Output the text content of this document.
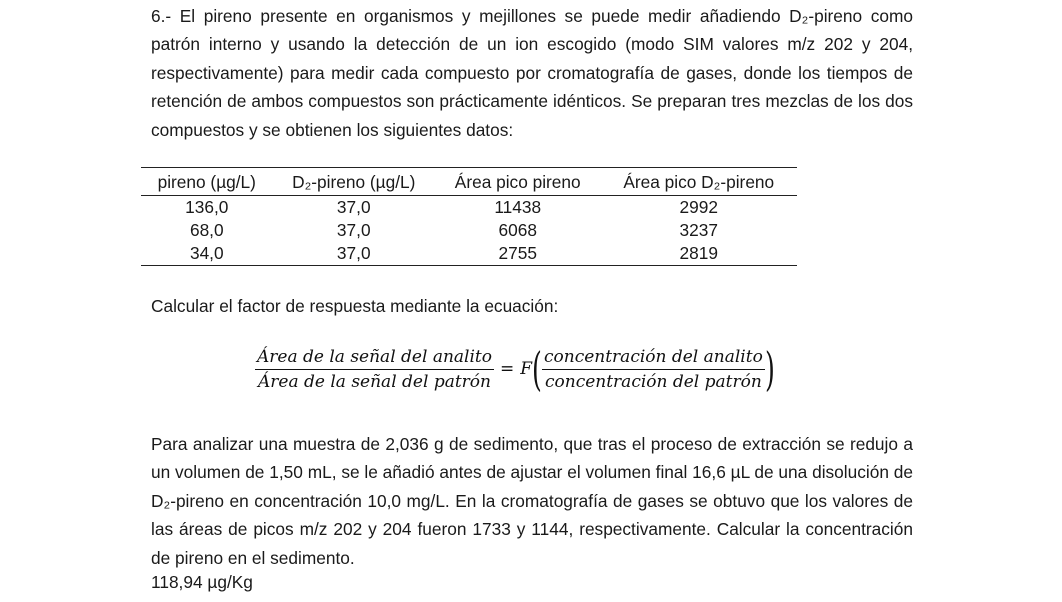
6.- El pireno presente en organismos y mejillones se puede medir añadiendo D₂-pireno como patrón interno y usando la detección de un ion escogido (modo SIM valores m/z 202 y 204, respectivamente) para medir cada compuesto por cromatografía de gases, donde los tiempos de retención de ambos compuestos son prácticamente idénticos. Se preparan tres mezclas de los dos compuestos y se obtienen los siguientes datos:

pireno (µg/L)	D₂-pireno (µg/L)	Área pico pireno	Área pico D₂-pireno
136,0	37,0	11438	2992
68,0	37,0	6068	3237
34,0	37,0	2755	2819

Calcular el factor de respuesta mediante la ecuación:

$\frac{\text{Área de la señal del analito}}{\text{Área de la señal del patrón}} = F$ ( $\frac{\text{concentración del analito}}{\text{concentración del patrón}}$ )

Para analizar una muestra de 2,036 g de sedimento, que tras el proceso de extracción se redujo a un volumen de 1,50 mL, se le añadió antes de ajustar el volumen final 16,6 µL de una disolución de D₂-pireno en concentración 10,0 mg/L. En la cromatografía de gases se obtuvo que los valores de las áreas de picos m/z 202 y 204 fueron 1733 y 1144, respectivamente. Calcular la concentración de pireno en el sedimento.

118,94 µg/Kg
